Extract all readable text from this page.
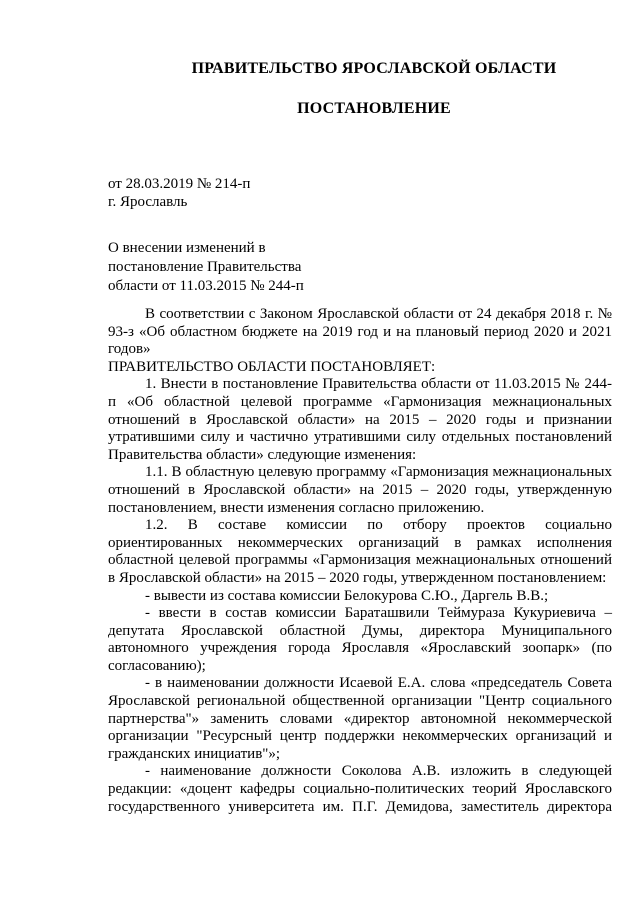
ПРАВИТЕЛЬСТВО ЯРОСЛАВСКОЙ ОБЛАСТИ
ПОСТАНОВЛЕНИЕ
от 28.03.2019 № 214-п
г. Ярославль
О внесении изменений в
постановление Правительства
области от 11.03.2015 № 244-п

В соответствии с Законом Ярославской области от 24 декабря 2018 г. № 93-з «Об областном бюджете на 2019 год и на плановый период 2020 и 2021 годов»

ПРАВИТЕЛЬСТВО ОБЛАСТИ ПОСТАНОВЛЯЕТ:

1. Внести в постановление Правительства области от 11.03.2015 № 244-п «Об областной целевой программе «Гармонизация межнациональных отношений в Ярославской области» на 2015 – 2020 годы и признании утратившими силу и частично утратившими силу отдельных постановлений Правительства области» следующие изменения:

1.1. В областную целевую программу «Гармонизация межнациональных отношений в Ярославской области» на 2015 – 2020 годы, утвержденную постановлением, внести изменения согласно приложению.

1.2. В составе комиссии по отбору проектов социально ориентированных некоммерческих организаций в рамках исполнения областной целевой программы «Гармонизация межнациональных отношений в Ярославской области» на 2015 – 2020 годы, утвержденном постановлением:

- вывести из состава комиссии Белокурова С.Ю., Даргель В.В.;

- ввести в состав комиссии Бараташвили Теймураза Кукуриевича – депутата Ярославской областной Думы, директора Муниципального автономного учреждения города Ярославля «Ярославский зоопарк» (по согласованию);

- в наименовании должности Исаевой Е.А. слова «председатель Совета Ярославской региональной общественной организации "Центр социального партнерства"» заменить словами «директор автономной некоммерческой организации "Ресурсный центр поддержки некоммерческих организаций и гражданских инициатив"»;

- наименование должности Соколова А.В. изложить в следующей редакции: «доцент кафедры социально-политических теорий Ярославского государственного университета им. П.Г. Демидова, заместитель директора
